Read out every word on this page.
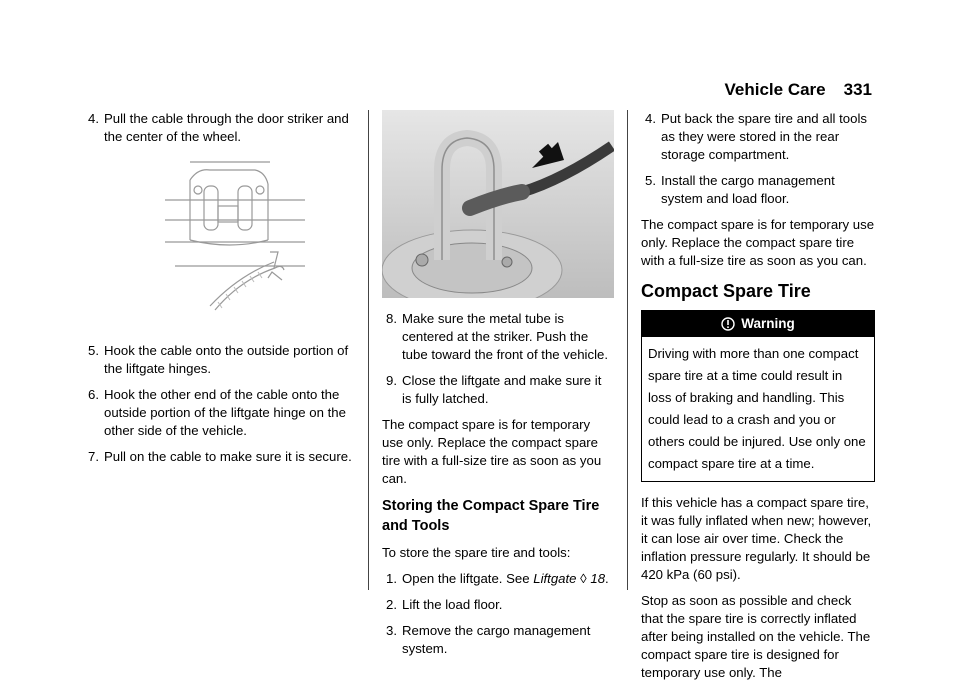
Vehicle Care 331
4. Pull the cable through the door striker and the center of the wheel.
5. Hook the cable onto the outside portion of the liftgate hinges.
6. Hook the other end of the cable onto the outside portion of the liftgate hinge on the other side of the vehicle.
7. Pull on the cable to make sure it is secure.
8. Make sure the metal tube is centered at the striker. Push the tube toward the front of the vehicle.
9. Close the liftgate and make sure it is fully latched.

The compact spare is for temporary use only. Replace the compact spare tire with a full-size tire as soon as you can.

Storing the Compact Spare Tire and Tools

To store the spare tire and tools:

1. Open the liftgate. See Liftgate ◊ 18.
2. Lift the load floor.
3. Remove the cargo management system.
4. Put back the spare tire and all tools as they were stored in the rear storage compartment.
5. Install the cargo management system and load floor.

The compact spare is for temporary use only. Replace the compact spare tire with a full-size tire as soon as you can.

Compact Spare Tire
Warning
Driving with more than one compact spare tire at a time could result in loss of braking and handling. This could lead to a crash and you or others could be injured. Use only one compact spare tire at a time.

If this vehicle has a compact spare tire, it was fully inflated when new; however, it can lose air over time. Check the inflation pressure regularly. It should be 420 kPa (60 psi).

Stop as soon as possible and check that the spare tire is correctly inflated after being installed on the vehicle. The compact spare tire is designed for temporary use only. The
